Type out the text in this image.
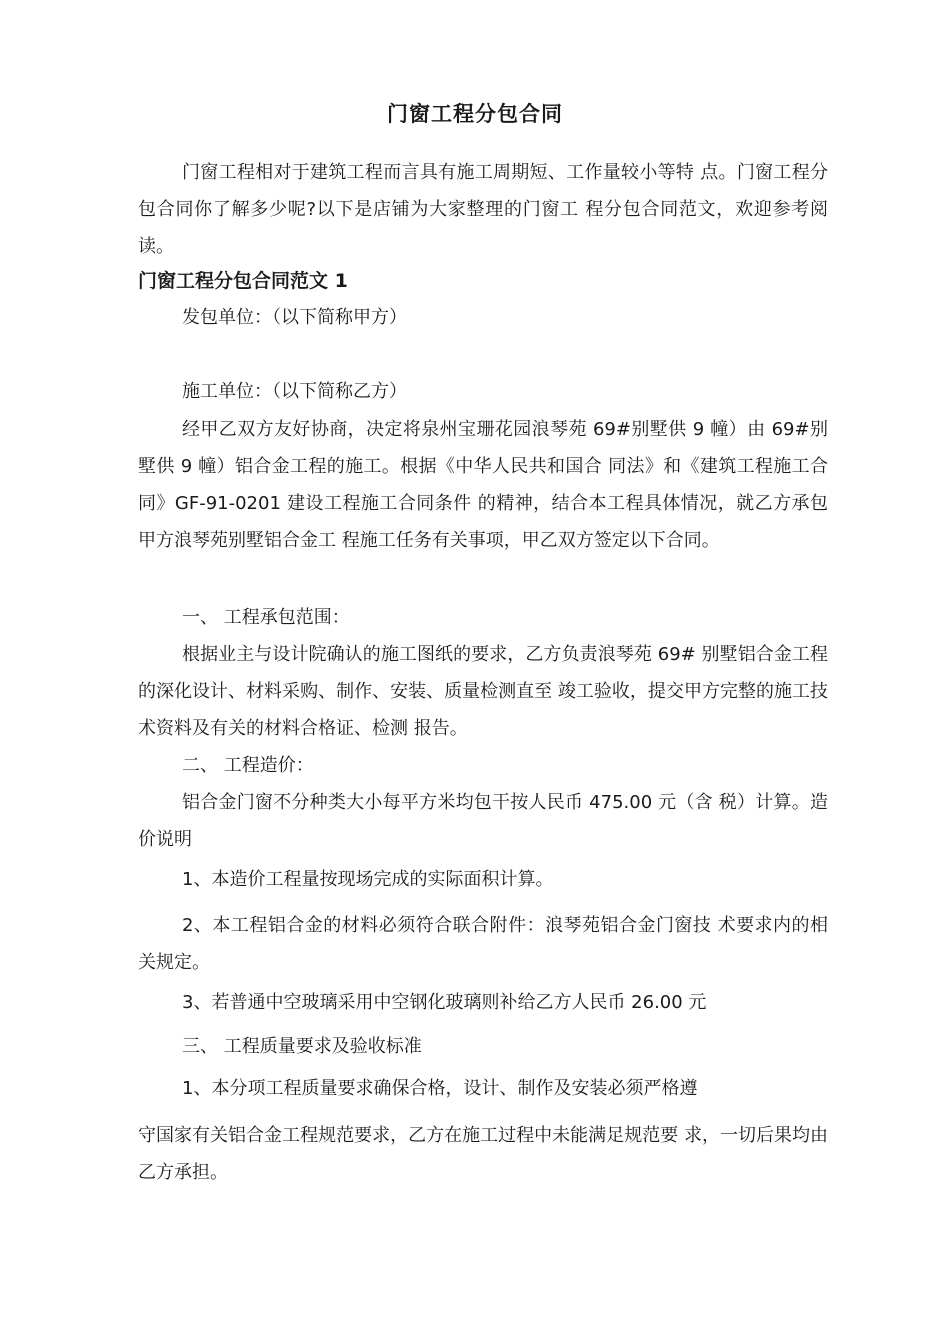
门窗工程分包合同
门窗工程相对于建筑工程而言具有施工周期短、工作量较小等特 点。门窗工程分包合同你了解多少呢?以下是店铺为大家整理的门窗工 程分包合同范文，欢迎参考阅读。
门窗工程分包合同范文 1
发包单位：（以下简称甲方）
施工单位：（以下简称乙方）
经甲乙双方友好协商，决定将泉州宝珊花园浪琴苑 69#别墅供 9 幢）由 69#别墅供 9 幢）铝合金工程的施工。根据《中华人民共和国合 同法》和《建筑工程施工合同》GF-91-0201 建设工程施工合同条件 的精神，结合本工程具体情况，就乙方承包甲方浪琴苑别墅铝合金工 程施工任务有关事项，甲乙双方签定以下合同。
一、 工程承包范围：
根据业主与设计院确认的施工图纸的要求，乙方负责浪琴苑 69# 别墅铝合金工程的深化设计、材料采购、制作、安装、质量检测直至 竣工验收，提交甲方完整的施工技术资料及有关的材料合格证、检测 报告。
二、 工程造价：
铝合金门窗不分种类大小每平方米均包干按人民币 475.00 元（含 税）计算。造价说明
1、本造价工程量按现场完成的实际面积计算。
2、本工程铝合金的材料必须符合联合附件：浪琴苑铝合金门窗技 术要求内的相关规定。
3、若普通中空玻璃采用中空钢化玻璃则补给乙方人民币 26.00 元
三、 工程质量要求及验收标准
1、本分项工程质量要求确保合格，设计、制作及安装必须严格遵
守国家有关铝合金工程规范要求，乙方在施工过程中未能满足规范要 求，一切后果均由乙方承担。
